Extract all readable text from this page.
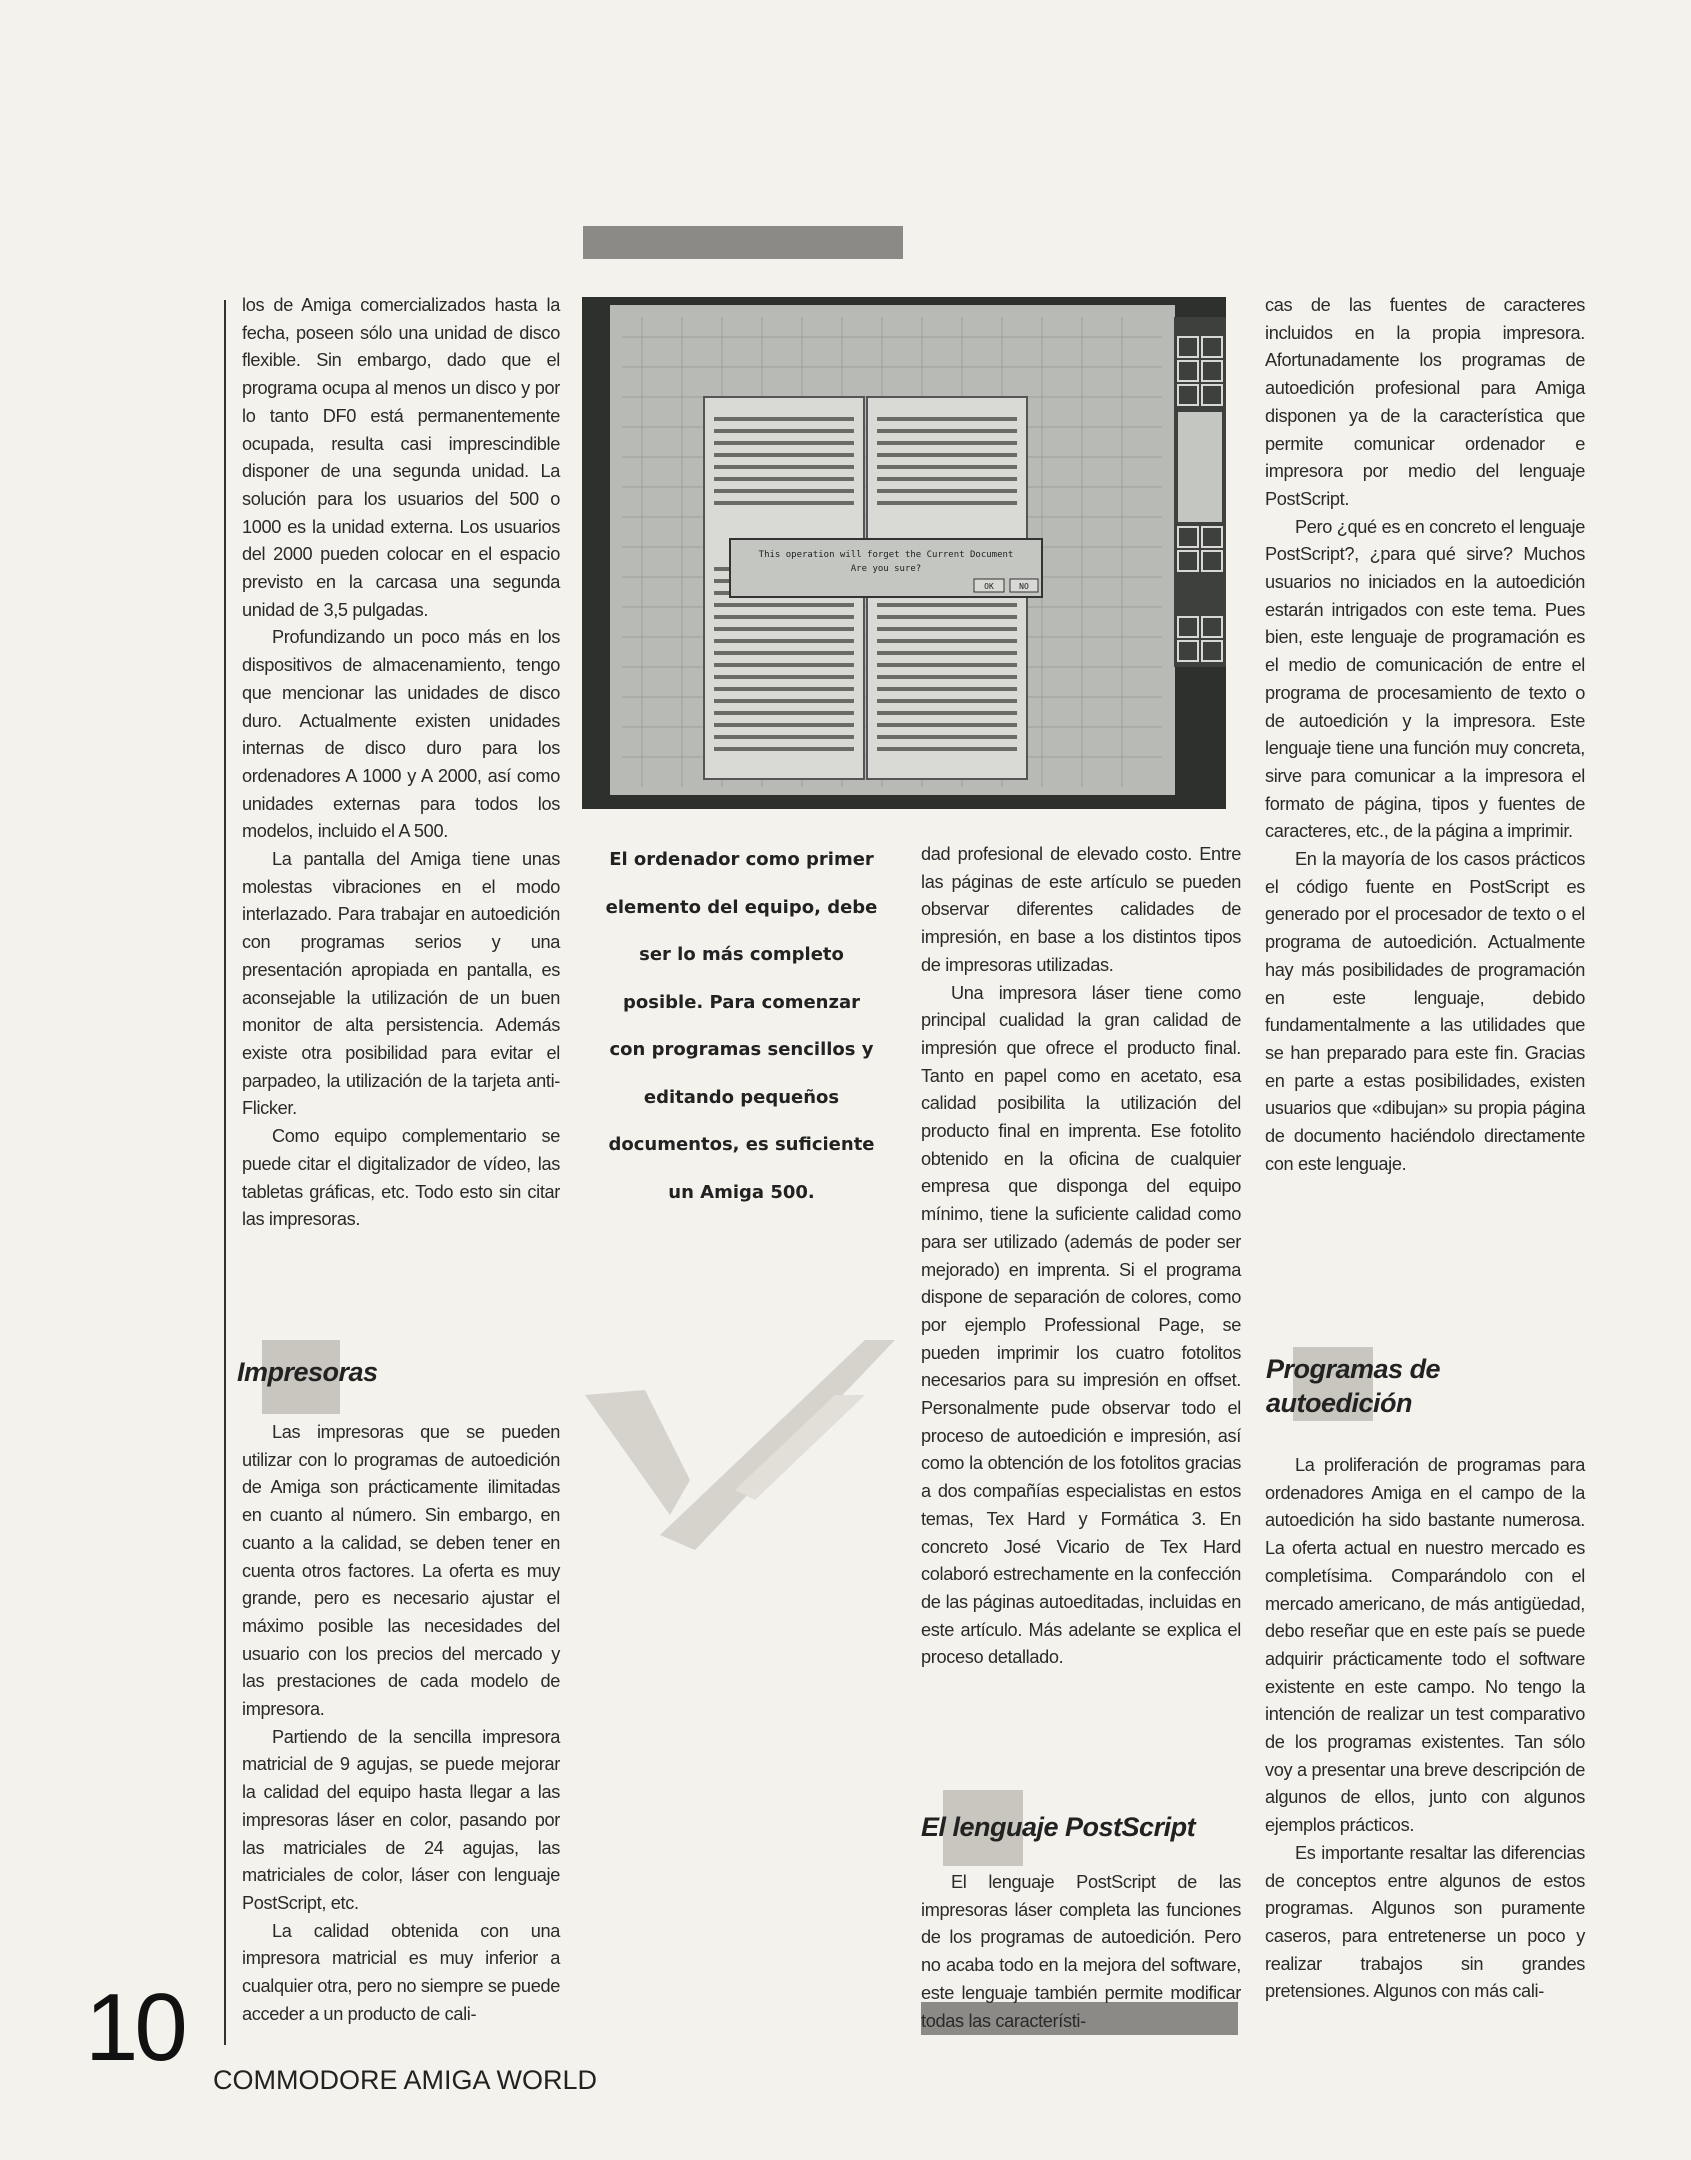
This operation will forget the Current Document
Are you sure?
OK	NO
El ordenador como primer
elemento del equipo, debe
ser lo más completo
posible. Para comenzar
con programas sencillos y
editando pequeños
documentos, es suficiente
un Amiga 500.

los de Amiga comercializados hasta la fecha, poseen sólo una unidad de disco flexible. Sin embargo, dado que el programa ocupa al menos un disco y por lo tanto DF0 está permanentemente ocupada, resulta casi imprescindible disponer de una segunda unidad. La solución para los usuarios del 500 o 1000 es la unidad externa. Los usuarios del 2000 pueden colocar en el espacio previsto en la carcasa una segunda unidad de 3,5 pulgadas.

Profundizando un poco más en los dispositivos de almacenamiento, tengo que mencionar las unidades de disco duro. Actualmente existen unidades internas de disco duro para los ordenadores A 1000 y A 2000, así como unidades externas para todos los modelos, incluido el A 500.

La pantalla del Amiga tiene unas molestas vibraciones en el modo interlazado. Para trabajar en autoedición con programas serios y una presentación apropiada en pantalla, es aconsejable la utilización de un buen monitor de alta persistencia. Además existe otra posibilidad para evitar el parpadeo, la utilización de la tarjeta anti-Flicker.

Como equipo complementario se puede citar el digitalizador de vídeo, las tabletas gráficas, etc. Todo esto sin citar las impresoras.

Impresoras

Las impresoras que se pueden utilizar con lo programas de autoedición de Amiga son prácticamente ilimitadas en cuanto al número. Sin embargo, en cuanto a la calidad, se deben tener en cuenta otros factores. La oferta es muy grande, pero es necesario ajustar el máximo posible las necesidades del usuario con los precios del mercado y las prestaciones de cada modelo de impresora.

Partiendo de la sencilla impresora matricial de 9 agujas, se puede mejorar la calidad del equipo hasta llegar a las impresoras láser en color, pasando por las matriciales de 24 agujas, las matriciales de color, láser con lenguaje PostScript, etc.

La calidad obtenida con una impresora matricial es muy inferior a cualquier otra, pero no siempre se puede acceder a un producto de cali-

dad profesional de elevado costo. Entre las páginas de este artículo se pueden observar diferentes calidades de impresión, en base a los distintos tipos de impresoras utilizadas.

Una impresora láser tiene como principal cualidad la gran calidad de impresión que ofrece el producto final. Tanto en papel como en acetato, esa calidad posibilita la utilización del producto final en imprenta. Ese fotolito obtenido en la oficina de cualquier empresa que disponga del equipo mínimo, tiene la suficiente calidad como para ser utilizado (además de poder ser mejorado) en imprenta. Si el programa dispone de separación de colores, como por ejemplo Professional Page, se pueden imprimir los cuatro fotolitos necesarios para su impresión en offset. Personalmente pude observar todo el proceso de autoedición e impresión, así como la obtención de los fotolitos gracias a dos compañías especialistas en estos temas, Tex Hard y Formática 3. En concreto José Vicario de Tex Hard colaboró estrechamente en la confección de las páginas autoeditadas, incluidas en este artículo. Más adelante se explica el proceso detallado.

El lenguaje PostScript

El lenguaje PostScript de las impresoras láser completa las funciones de los programas de autoedición. Pero no acaba todo en la mejora del software, este lenguaje también permite modificar todas las característi-

cas de las fuentes de caracteres incluidos en la propia impresora. Afortunadamente los programas de autoedición profesional para Amiga disponen ya de la característica que permite comunicar ordenador e impresora por medio del lenguaje PostScript.

Pero ¿qué es en concreto el lenguaje PostScript?, ¿para qué sirve? Muchos usuarios no iniciados en la autoedición estarán intrigados con este tema. Pues bien, este lenguaje de programación es el medio de comunicación de entre el programa de procesamiento de texto o de autoedición y la impresora. Este lenguaje tiene una función muy concreta, sirve para comunicar a la impresora el formato de página, tipos y fuentes de caracteres, etc., de la página a imprimir.

En la mayoría de los casos prácticos el código fuente en PostScript es generado por el procesador de texto o el programa de autoedición. Actualmente hay más posibilidades de programación en este lenguaje, debido fundamentalmente a las utilidades que se han preparado para este fin. Gracias en parte a estas posibilidades, existen usuarios que «dibujan» su propia página de documento haciéndolo directamente con este lenguaje.

Programas de
autoedición

La proliferación de programas para ordenadores Amiga en el campo de la autoedición ha sido bastante numerosa. La oferta actual en nuestro mercado es completísima. Comparándolo con el mercado americano, de más antigüedad, debo reseñar que en este país se puede adquirir prácticamente todo el software existente en este campo. No tengo la intención de realizar un test comparativo de los programas existentes. Tan sólo voy a presentar una breve descripción de algunos de ellos, junto con algunos ejemplos prácticos.

Es importante resaltar las diferencias de conceptos entre algunos de estos programas. Algunos son puramente caseros, para entretenerse un poco y realizar trabajos sin grandes pretensiones. Algunos con más cali-

10 COMMODORE AMIGA WORLD
